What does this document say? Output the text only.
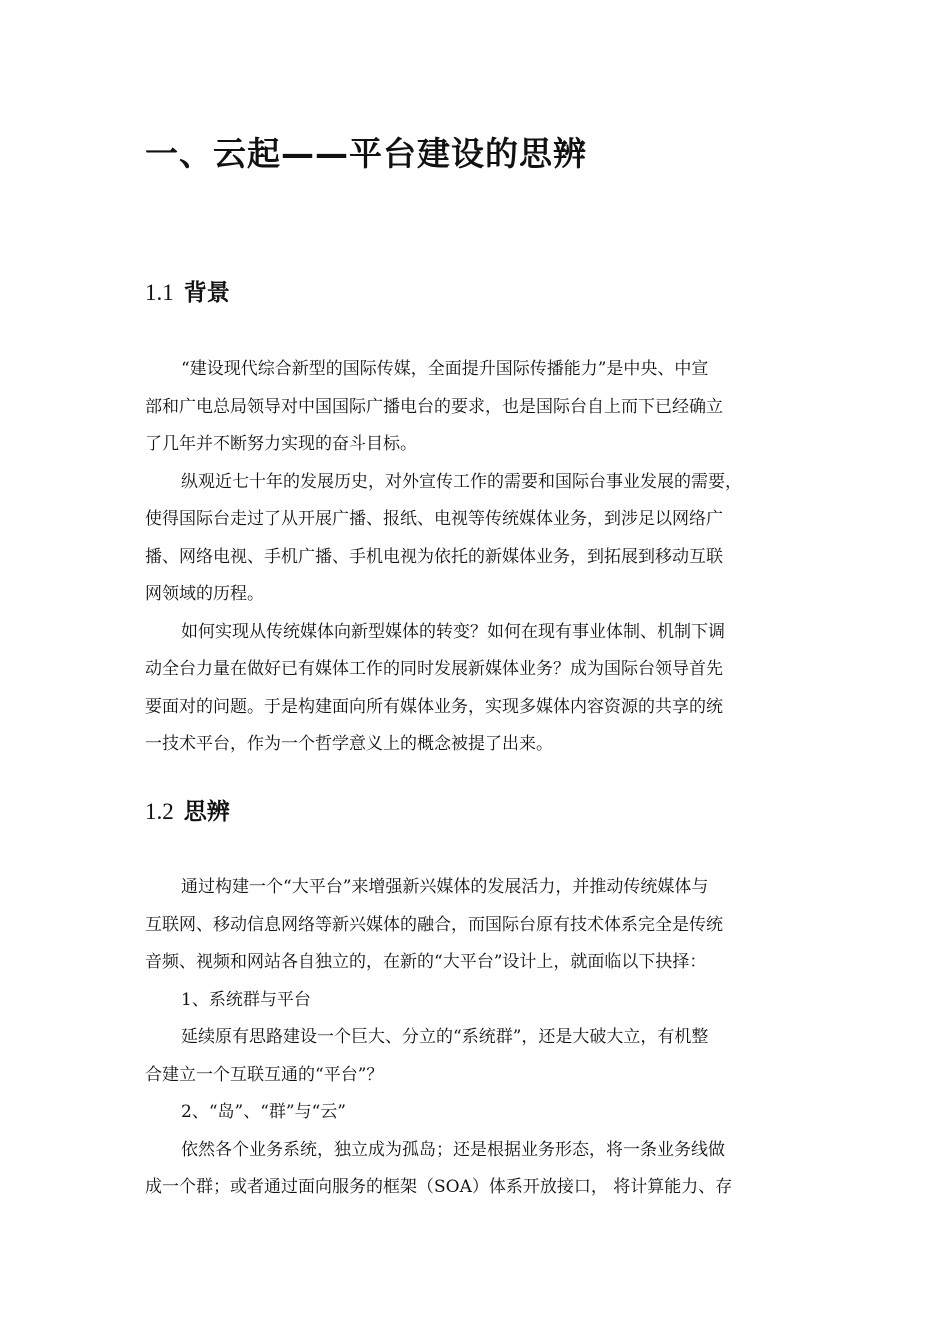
一、云起——平台建设的思辨
1.1 背景
“建设现代综合新型的国际传媒，全面提升国际传播能力”是中央、中宣
部和广电总局领导对中国国际广播电台的要求，也是国际台自上而下已经确立
了几年并不断努力实现的奋斗目标。
纵观近七十年的发展历史，对外宣传工作的需要和国际台事业发展的需要，
使得国际台走过了从开展广播、报纸、电视等传统媒体业务，到涉足以网络广
播、网络电视、手机广播、手机电视为依托的新媒体业务，到拓展到移动互联
网领域的历程。
如何实现从传统媒体向新型媒体的转变？如何在现有事业体制、机制下调
动全台力量在做好已有媒体工作的同时发展新媒体业务？成为国际台领导首先
要面对的问题。于是构建面向所有媒体业务，实现多媒体内容资源的共享的统
一技术平台，作为一个哲学意义上的概念被提了出来。
1.2 思辨
通过构建一个“大平台”来增强新兴媒体的发展活力，并推动传统媒体与
互联网、移动信息网络等新兴媒体的融合，而国际台原有技术体系完全是传统
音频、视频和网站各自独立的，在新的“大平台”设计上，就面临以下抉择：
1、系统群与平台
延续原有思路建设一个巨大、分立的“系统群”，还是大破大立，有机整
合建立一个互联互通的“平台”？
2、“岛”、“群”与“云”
依然各个业务系统，独立成为孤岛；还是根据业务形态，将一条业务线做
成一个群；或者通过面向服务的框架（SOA）体系开放接口， 将计算能力、存
